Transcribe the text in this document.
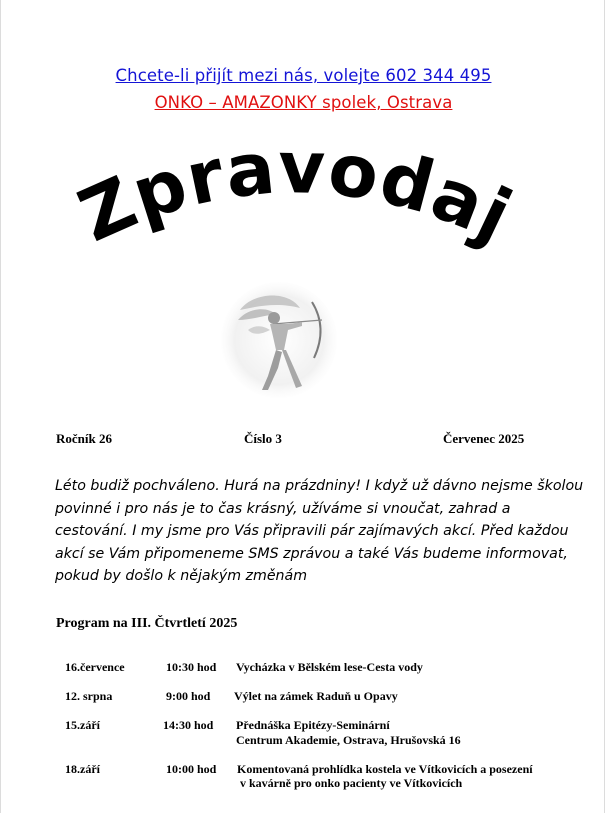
Chcete-li přijít mezi nás, volejte 602 344 495
ONKO – AMAZONKY spolek, Ostrava
Zpravodaj
Ročník 26	Číslo 3	Červenec 2025
Léto budiž pochváleno. Hurá na prázdniny! I když už dávno nejsme školou
povinné i pro nás je to čas krásný, užíváme si vnoučat, zahrad a
cestování. I my jsme pro Vás připravili pár zajímavých akcí. Před každou
akcí se Vám připomeneme SMS zprávou a také Vás budeme informovat,
pokud by došlo k nějakým změnám
Program na III. Čtvrtletí 2025
16.července	10:30 hod Vycházka v Bělském lese-Cesta vody
12. srpna	9:00 hod Výlet na zámek Raduň u Opavy
15.září	14:30 hod Přednáška Epitézy-Seminární
Centrum Akademie, Ostrava, Hrušovská 16
18.září	10:00 hod Komentovaná prohlídka kostela ve Vítkovicích a posezení
v kavárně pro onko pacienty ve Vítkovicích
